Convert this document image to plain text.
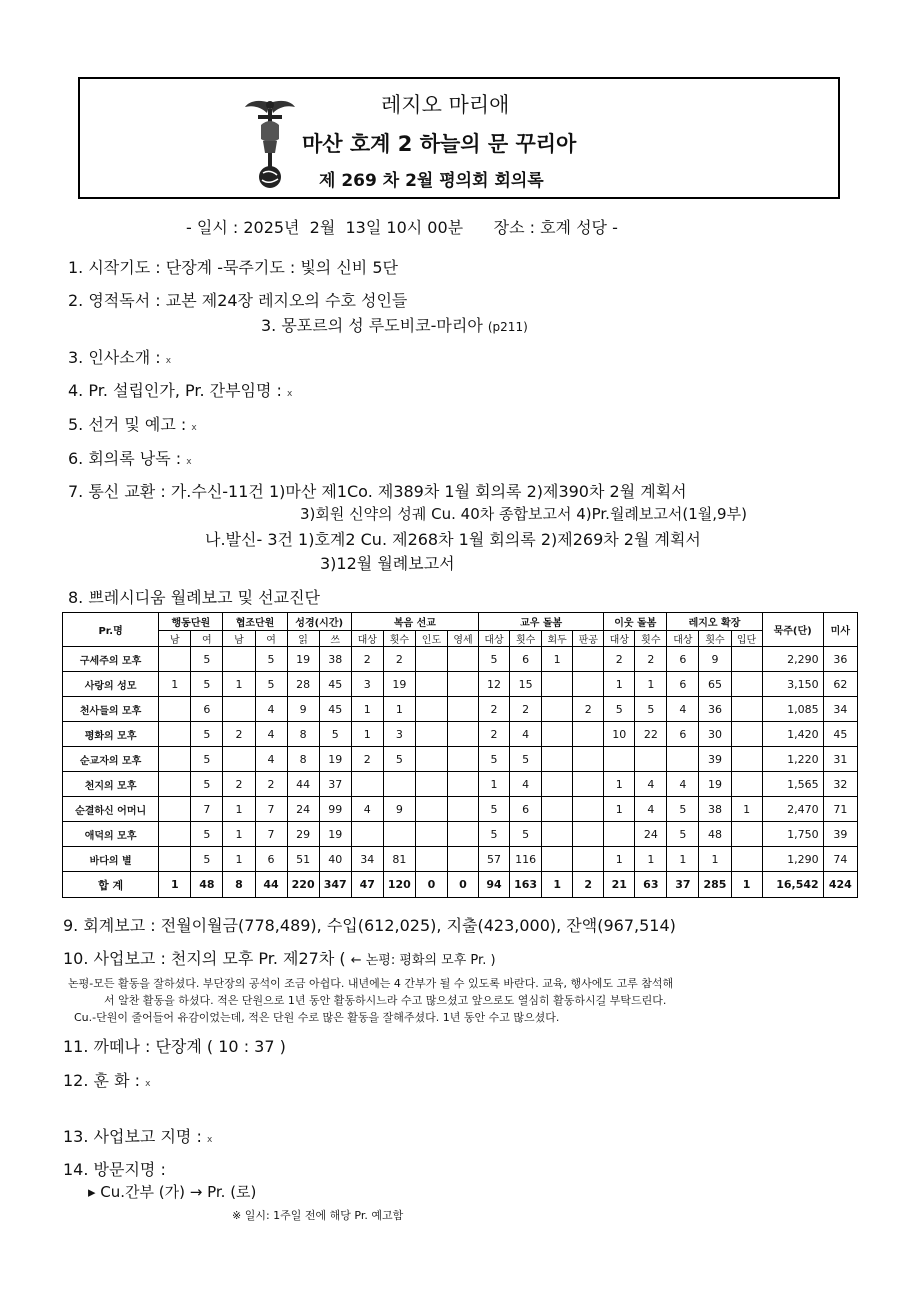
레지오 마리애
마산 호계 2 하늘의 문 꾸리아
제 269 차 2월 평의회 회의록
- 일시 : 2025년  2월  13일 10시 00분      장소 : 호계 성당 -
1. 시작기도 : 단장계 -묵주기도 : 빛의 신비 5단
2. 영적독서 : 교본 제24장 레지오의 수호 성인들
3. 몽포르의 성 루도비코-마리아 (p211)
3. 인사소개 : x
4. Pr. 설립인가, Pr. 간부임명 : x
5. 선거 및 예고 : x
6. 회의록 낭독 : x
7. 통신 교환 : 가.수신-11건 1)마산 제1Co. 제389차 1월 회의록 2)제390차 2월 계획서
3)회원 신약의 성궤 Cu. 40차 종합보고서 4)Pr.월례보고서(1월,9부)
나.발신- 3건 1)호계2 Cu. 제268차 1월 회의록 2)제269차 2월 계획서
3)12월 월례보고서
8. 쁘레시디움 월례보고 및 선교진단
Pr.명	행동단원		협조단원		성경(시간)		복음 선교				교우 돌봄				이웃 돌봄		레지오 확장			묵주(단)	미사
	남	여	남	여	읽	쓰	대상	횟수	인도	영세	대상	횟수	회두	판공	대상	횟수	대상	횟수	입단		
구세주의 모후		5		5	19	38	2	2			5	6	1		2	2	6	9		2,290	36
사랑의 성모	1	5	1	5	28	45	3	19			12	15			1	1	6	65		3,150	62
천사들의 모후		6		4	9	45	1	1			2	2		2	5	5	4	36		1,085	34
평화의 모후		5	2	4	8	5	1	3			2	4			10	22	6	30		1,420	45
순교자의 모후		5		4	8	19	2	5			5	5						39		1,220	31
천지의 모후		5	2	2	44	37					1	4			1	4	4	19		1,565	32
순결하신 어머니		7	1	7	24	99	4	9			5	6			1	4	5	38	1	2,470	71
애덕의 모후		5	1	7	29	19					5	5				24	5	48		1,750	39
바다의 별		5	1	6	51	40	34	81			57	116			1	1	1	1		1,290	74
합 계	1	48	8	44	220	347	47	120	0	0	94	163	1	2	21	63	37	285	1	16,542	424
9. 회계보고 : 전월이월금(778,489), 수입(612,025), 지출(423,000), 잔액(967,514)
10. 사업보고 : 천지의 모후 Pr. 제27차 ( ← 논평: 평화의 모후 Pr. )
논평-모든 활동을 잘하셨다. 부단장의 공석이 조금 아쉽다. 내년에는 4 간부가 될 수 있도록 바란다. 교육, 행사에도 고루 참석해
서 알찬 활동을 하셨다. 적은 단원으로 1년 동안 활동하시느라 수고 많으셨고 앞으로도 열심히 활동하시길 부탁드린다.
Cu.-단원이 줄어들어 유감이었는데, 적은 단원 수로 많은 활동을 잘해주셨다. 1년 동안 수고 많으셨다.
11. 까떼나 : 단장계 ( 10 : 37 )
12. 훈 화 : x
13. 사업보고 지명 : x
14. 방문지명 :
▸ Cu.간부 (가) → Pr. (로)
※ 일시: 1주일 전에 해당 Pr. 예고함
